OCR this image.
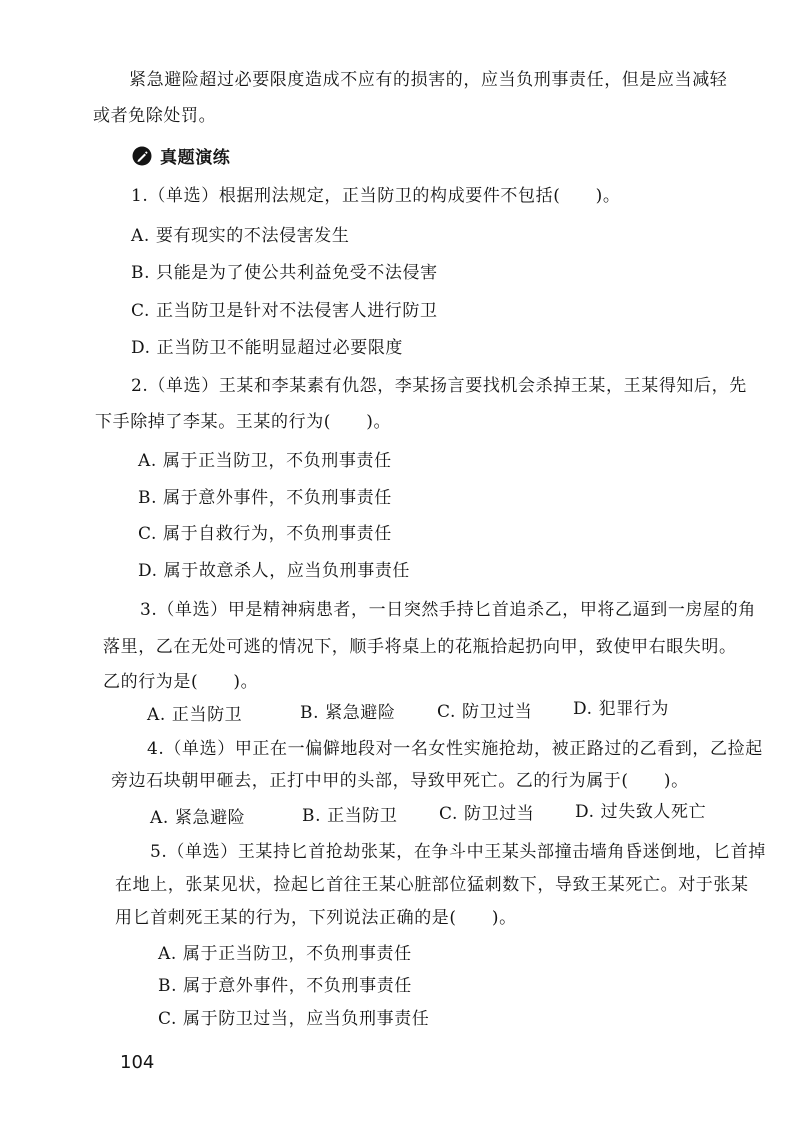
紧急避险超过必要限度造成不应有的损害的，应当负刑事责任，但是应当减轻
或者免除处罚。
真题演练
1.（单选）根据刑法规定，正当防卫的构成要件不包括(　　)。
A. 要有现实的不法侵害发生
B. 只能是为了使公共利益免受不法侵害
C. 正当防卫是针对不法侵害人进行防卫
D. 正当防卫不能明显超过必要限度
2.（单选）王某和李某素有仇怨，李某扬言要找机会杀掉王某，王某得知后，先
下手除掉了李某。王某的行为(　　)。
A. 属于正当防卫，不负刑事责任
B. 属于意外事件，不负刑事责任
C. 属于自救行为，不负刑事责任
D. 属于故意杀人，应当负刑事责任
3.（单选）甲是精神病患者，一日突然手持匕首追杀乙，甲将乙逼到一房屋的角
落里，乙在无处可逃的情况下，顺手将桌上的花瓶拾起扔向甲，致使甲右眼失明。
乙的行为是(　　)。
A. 正当防卫	B. 紧急避险 C. 防卫过当 D. 犯罪行为
4.（单选）甲正在一偏僻地段对一名女性实施抢劫，被正路过的乙看到，乙捡起
旁边石块朝甲砸去，正打中甲的头部，导致甲死亡。乙的行为属于(　　)。
A. 紧急避险	B. 正当防卫 C. 防卫过当 D. 过失致人死亡
5.（单选）王某持匕首抢劫张某，在争斗中王某头部撞击墙角昏迷倒地，匕首掉
在地上，张某见状，捡起匕首往王某心脏部位猛刺数下，导致王某死亡。对于张某
用匕首刺死王某的行为，下列说法正确的是(　　)。
A. 属于正当防卫，不负刑事责任
B. 属于意外事件，不负刑事责任
C. 属于防卫过当，应当负刑事责任
104
